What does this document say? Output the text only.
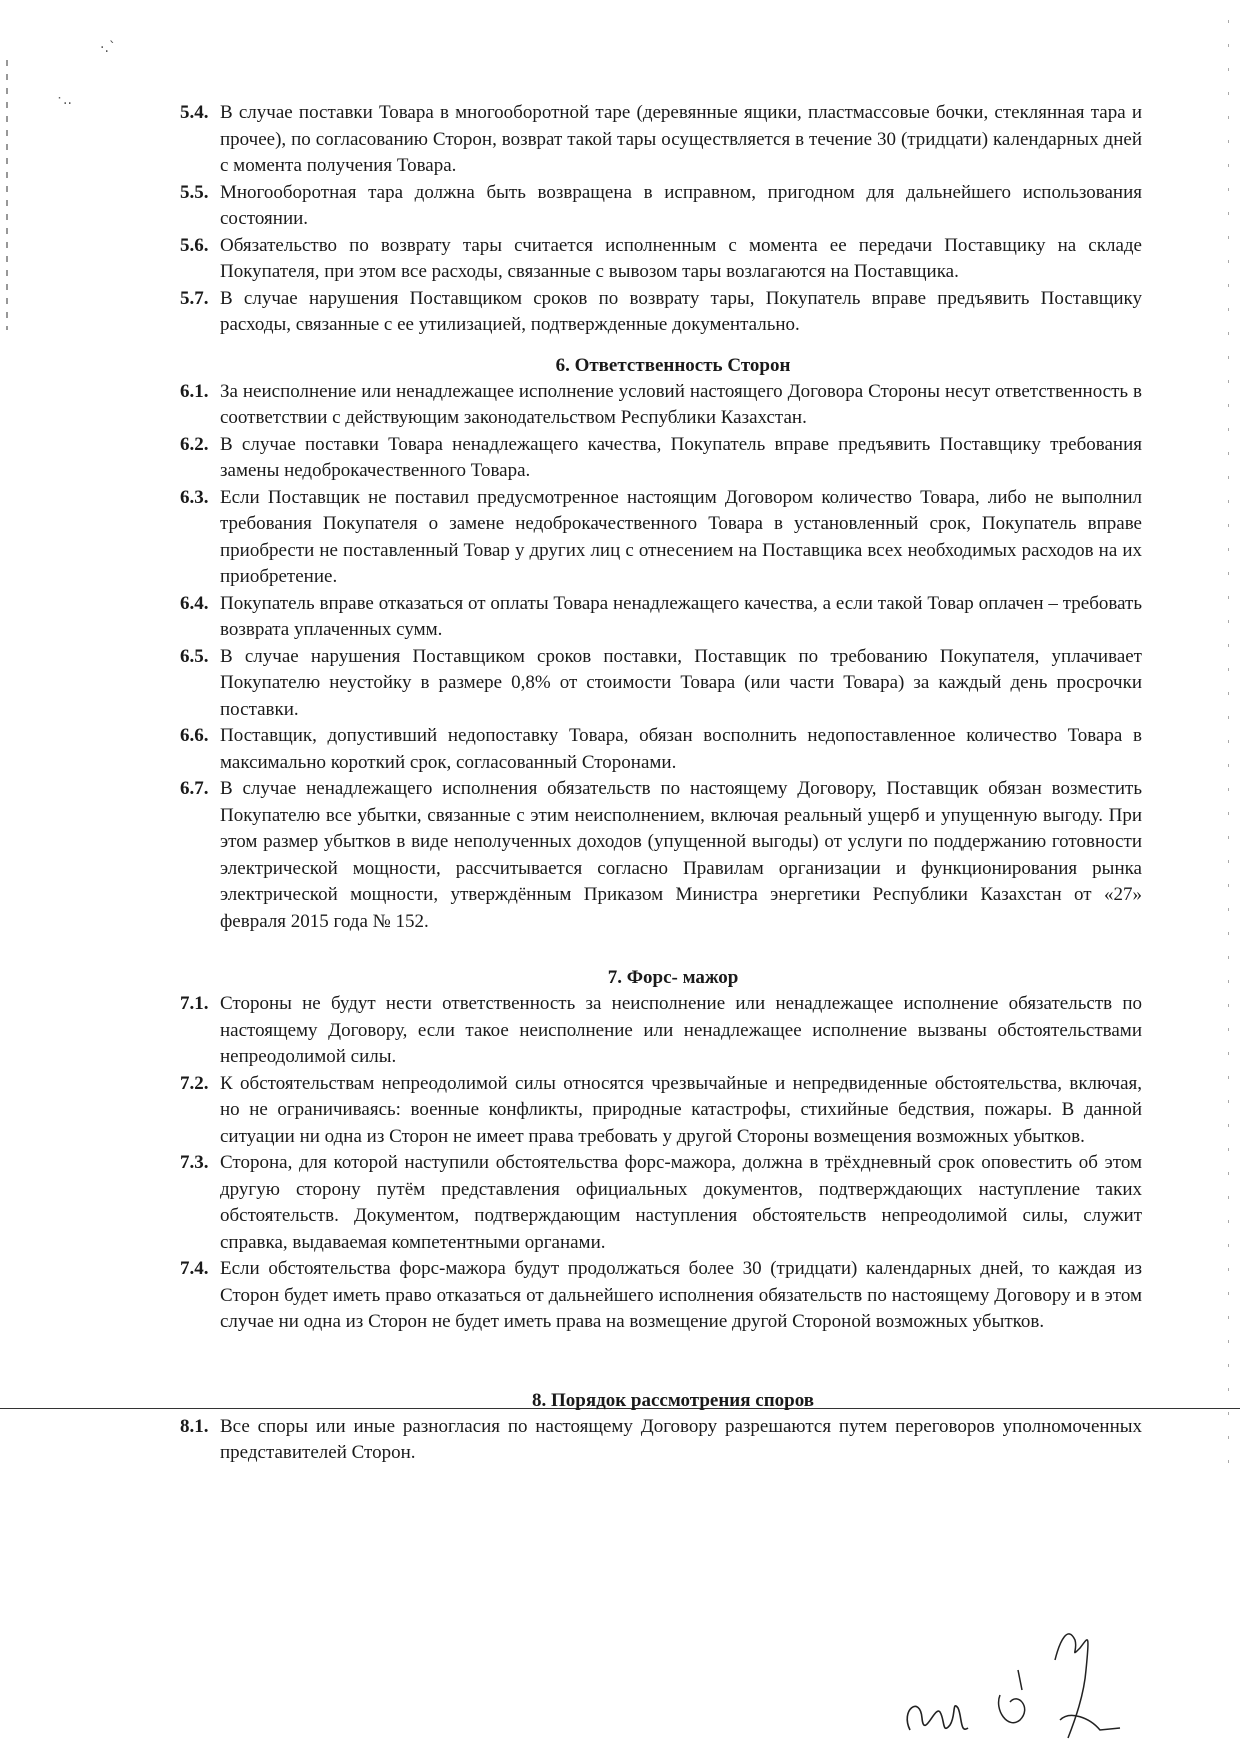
·.ˋ
˙··	5.4. В случае поставки Товара в многооборотной таре (деревянные ящики, пластмассовые бочки, стеклянная тара и прочее), по согласованию Сторон, возврат такой тары осуществляется в течение 30 (тридцати) календарных дней с момента получения Товара.
5.5. Многооборотная тара должна быть возвращена в исправном, пригодном для дальнейшего использования состоянии.
5.6. Обязательство по возврату тары считается исполненным с момента ее передачи Поставщику на складе Покупателя, при этом все расходы, связанные с вывозом тары возлагаются на Поставщика.
5.7. В случае нарушения Поставщиком сроков по возврату тары, Покупатель вправе предъявить Поставщику расходы, связанные с ее утилизацией, подтвержденные документально.
6. Ответственность Сторон
6.1. За неисполнение или ненадлежащее исполнение условий настоящего Договора Стороны несут ответственность в соответствии с действующим законодательством Республики Казахстан.
6.2. В случае поставки Товара ненадлежащего качества, Покупатель вправе предъявить Поставщику требования замены недоброкачественного Товара.
6.3. Если Поставщик не поставил предусмотренное настоящим Договором количество Товара, либо не выполнил требования Покупателя о замене недоброкачественного Товара в установленный срок, Покупатель вправе приобрести не поставленный Товар у других лиц с отнесением на Поставщика всех необходимых расходов на их приобретение.
6.4. Покупатель вправе отказаться от оплаты Товара ненадлежащего качества, а если такой Товар оплачен – требовать возврата уплаченных сумм.
6.5. В случае нарушения Поставщиком сроков поставки, Поставщик по требованию Покупателя, уплачивает Покупателю неустойку в размере 0,8% от стоимости Товара (или части Товара) за каждый день просрочки поставки.
6.6. Поставщик, допустивший недопоставку Товара, обязан восполнить недопоставленное количество Товара в максимально короткий срок, согласованный Сторонами.
6.7. В случае ненадлежащего исполнения обязательств по настоящему Договору, Поставщик обязан возместить Покупателю все убытки, связанные с этим неисполнением, включая реальный ущерб и упущенную выгоду. При этом размер убытков в виде неполученных доходов (упущенной выгоды) от услуги по поддержанию готовности электрической мощности, рассчитывается согласно Правилам организации и функционирования рынка электрической мощности, утверждённым Приказом Министра энергетики Республики Казахстан от «27» февраля 2015 года № 152.
7. Форс- мажор
7.1. Стороны не будут нести ответственность за неисполнение или ненадлежащее исполнение обязательств по настоящему Договору, если такое неисполнение или ненадлежащее исполнение вызваны обстоятельствами непреодолимой силы.
7.2. К обстоятельствам непреодолимой силы относятся чрезвычайные и непредвиденные обстоятельства, включая, но не ограничиваясь: военные конфликты, природные катастрофы, стихийные бедствия, пожары. В данной ситуации ни одна из Сторон не имеет права требовать у другой Стороны возмещения возможных убытков.
7.3. Сторона, для которой наступили обстоятельства форс-мажора, должна в трёхдневный срок оповестить об этом другую сторону путём представления официальных документов, подтверждающих наступление таких обстоятельств. Документом, подтверждающим наступления обстоятельств непреодолимой силы, служит справка, выдаваемая компетентными органами.
7.4. Если обстоятельства форс-мажора будут продолжаться более 30 (тридцати) календарных дней, то каждая из Сторон будет иметь право отказаться от дальнейшего исполнения обязательств по настоящему Договору и в этом случае ни одна из Сторон не будет иметь права на возмещение другой Стороной возможных убытков.
8. Порядок рассмотрения споров
8.1. Все споры или иные разногласия по настоящему Договору разрешаются путем переговоров уполномоченных представителей Сторон.
